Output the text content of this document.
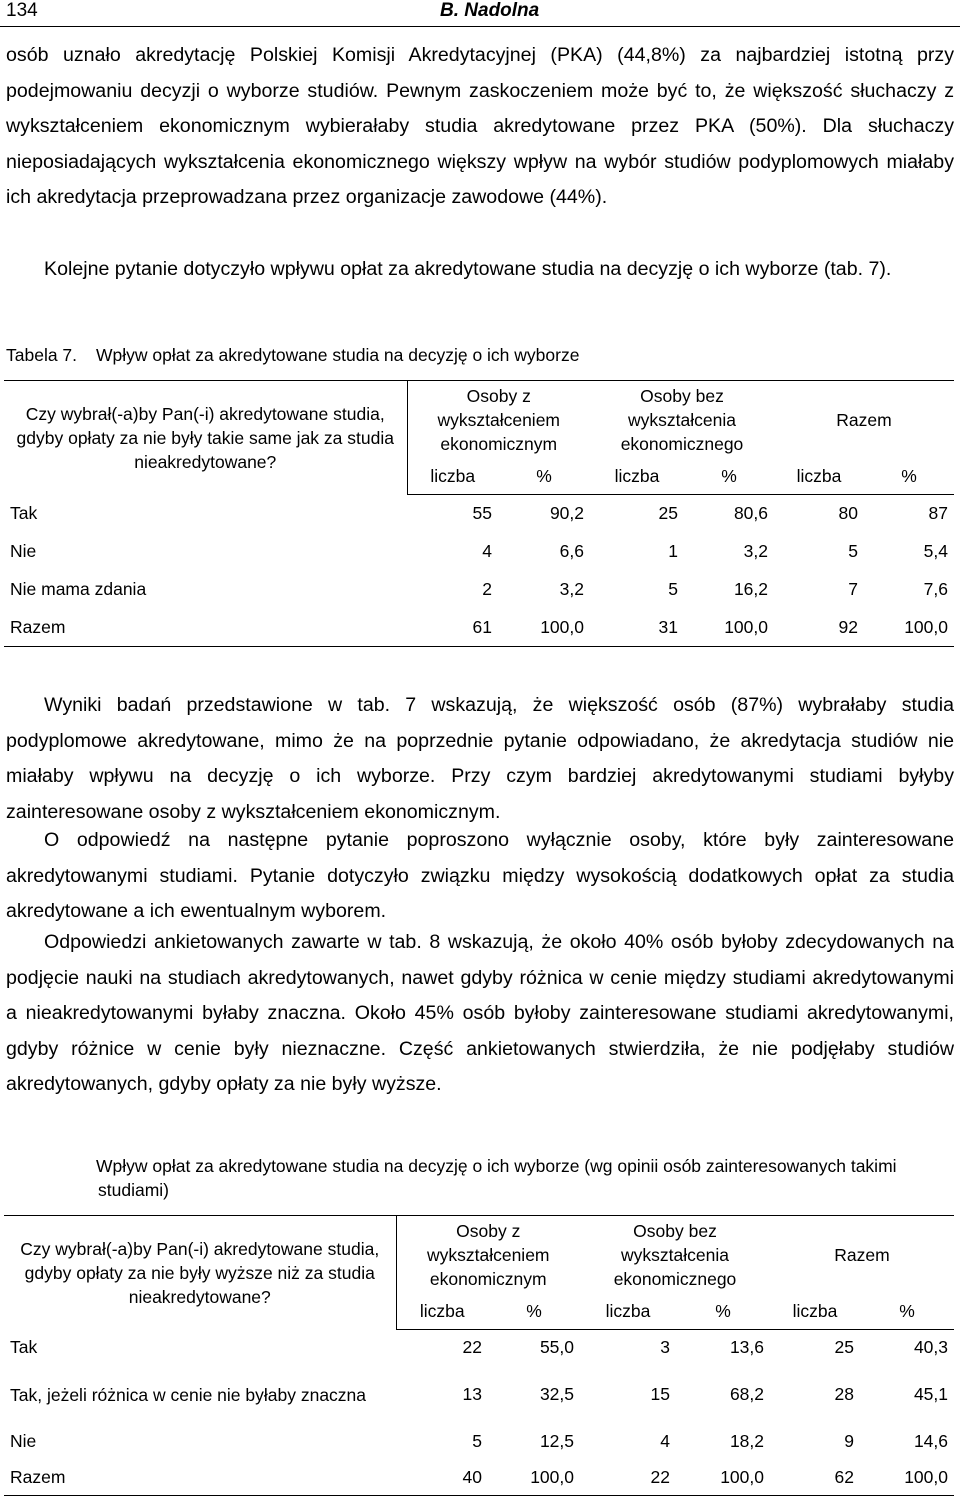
134	B. Nadolna

osób uznało akredytację Polskiej Komisji Akredytacyjnej (PKA) (44,8%) za najbardziej istotną przy podejmowaniu decyzji o wyborze studiów. Pewnym zaskoczeniem może być to, że większość słuchaczy z wykształceniem ekonomicznym wybierałaby studia akredytowane przez PKA (50%). Dla słuchaczy nieposiadających wykształcenia ekonomicznego większy wpływ na wybór studiów podyplomowych miałaby ich akredytacja przeprowadzana przez organizacje zawodowe (44%).

Kolejne pytanie dotyczyło wpływu opłat za akredytowane studia na decyzję o ich wyborze (tab. 7).

Tabela 7. Wpływ opłat za akredytowane studia na decyzję o ich wyborze

Czy wybrał(-a)by Pan(-i) akredytowane studia, gdyby opłaty za nie były takie same jak za studia nieakredytowane?	Osoby z wykształceniem ekonomicznym		Osoby bez wykształcenia ekonomicznego		Razem	
	liczba	%	liczba	%	liczba	%
Tak	55	90,2	25	80,6	80	87
Nie	4	6,6	1	3,2	5	5,4
Nie mama zdania	2	3,2	5	16,2	7	7,6
Razem	61	100,0	31	100,0	92	100,0

Wyniki badań przedstawione w tab. 7 wskazują, że większość osób (87%) wybrałaby studia podyplomowe akredytowane, mimo że na poprzednie pytanie odpowiadano, że akredytacja studiów nie miałaby wpływu na decyzję o ich wyborze. Przy czym bardziej akredytowanymi studiami byłyby zainteresowane osoby z wykształceniem ekonomicznym.

O odpowiedź na następne pytanie poproszono wyłącznie osoby, które były zainteresowane akredytowanymi studiami. Pytanie dotyczyło związku między wysokością dodatkowych opłat za studia akredytowane a ich ewentualnym wyborem.

Odpowiedzi ankietowanych zawarte w tab. 8 wskazują, że około 40% osób byłoby zdecydowanych na podjęcie nauki na studiach akredytowanych, nawet gdyby różnica w cenie między studiami akredytowanymi a nieakredytowanymi byłaby znaczna. Około 45% osób byłoby zainteresowane studiami akredytowanymi, gdyby różnice w cenie były nieznaczne. Część ankietowanych stwierdziła, że nie podjęłaby studiów akredytowanych, gdyby opłaty za nie były wyższe.

Wpływ opłat za akredytowane studia na decyzję o ich wyborze (wg opinii osób zainteresowanych takimi studiami)

Czy wybrał(-a)by Pan(-i) akredytowane studia, gdyby opłaty za nie były wyższe niż za studia nieakredytowane?	Osoby z wykształceniem ekonomicznym		Osoby bez wykształcenia ekonomicznego		Razem	
	liczba	%	liczba	%	liczba	%
Tak	22	55,0	3	13,6	25	40,3
Tak, jeżeli różnica w cenie nie byłaby znaczna	13	32,5	15	68,2	28	45,1
Nie	5	12,5	4	18,2	9	14,6
Razem	40	100,0	22	100,0	62	100,0
